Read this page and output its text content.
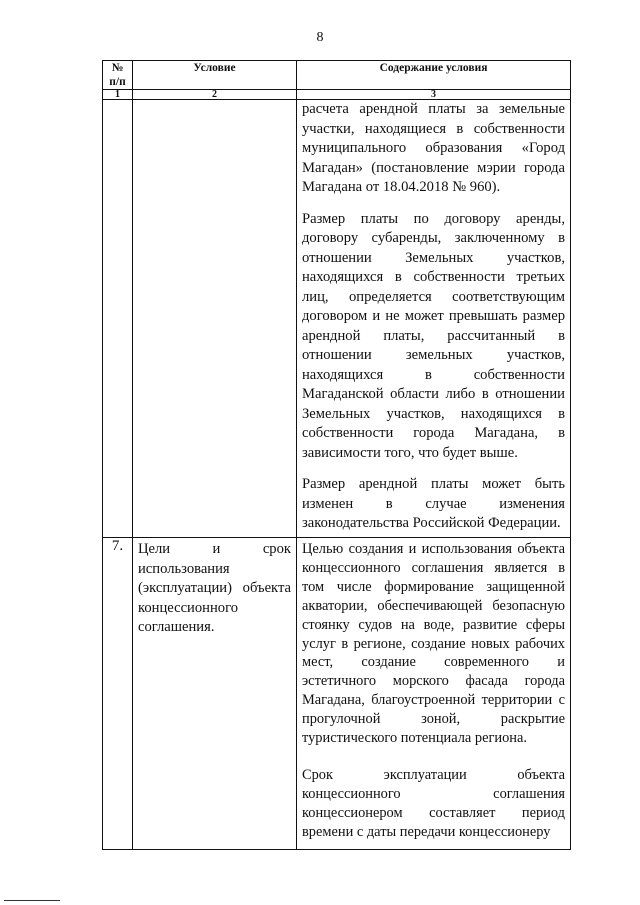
8
№ п/п	Условие	Содержание условия
1	2	3

		расчета арендной платы за земельные участки, находящиеся в собственности муниципального образования «Город Магадан» (постановление мэрии города Магадана от 18.04.2018 № 960).

Размер платы по договору аренды, договору субаренды, заключенному в отношении Земельных участков, находящихся в собственности третьих лиц, определяется соответствующим договором и не может превышать размер арендной платы, рассчитанный в отношении земельных участков, находящихся в собственности Магаданской области либо в отношении Земельных участков, находящихся в собственности города Магадана, в зависимости того, что будет выше.

Размер арендной платы может быть изменен в случае изменения законодательства Российской Федерации.

7.	Цели и срок использования (эксплуатации) объекта концессионного соглашения.	Целью создания и использования объекта концессионного соглашения является в том числе формирование защищенной акватории, обеспечивающей безопасную стоянку судов на воде, развитие сферы услуг в регионе, создание новых рабочих мест, создание современного и эстетичного морского фасада города Магадана, благоустроенной территории с прогулочной зоной, раскрытие туристического потенциала региона.

Срок эксплуатации объекта концессионного соглашения концессионером составляет период времени с даты передачи концессионеру
